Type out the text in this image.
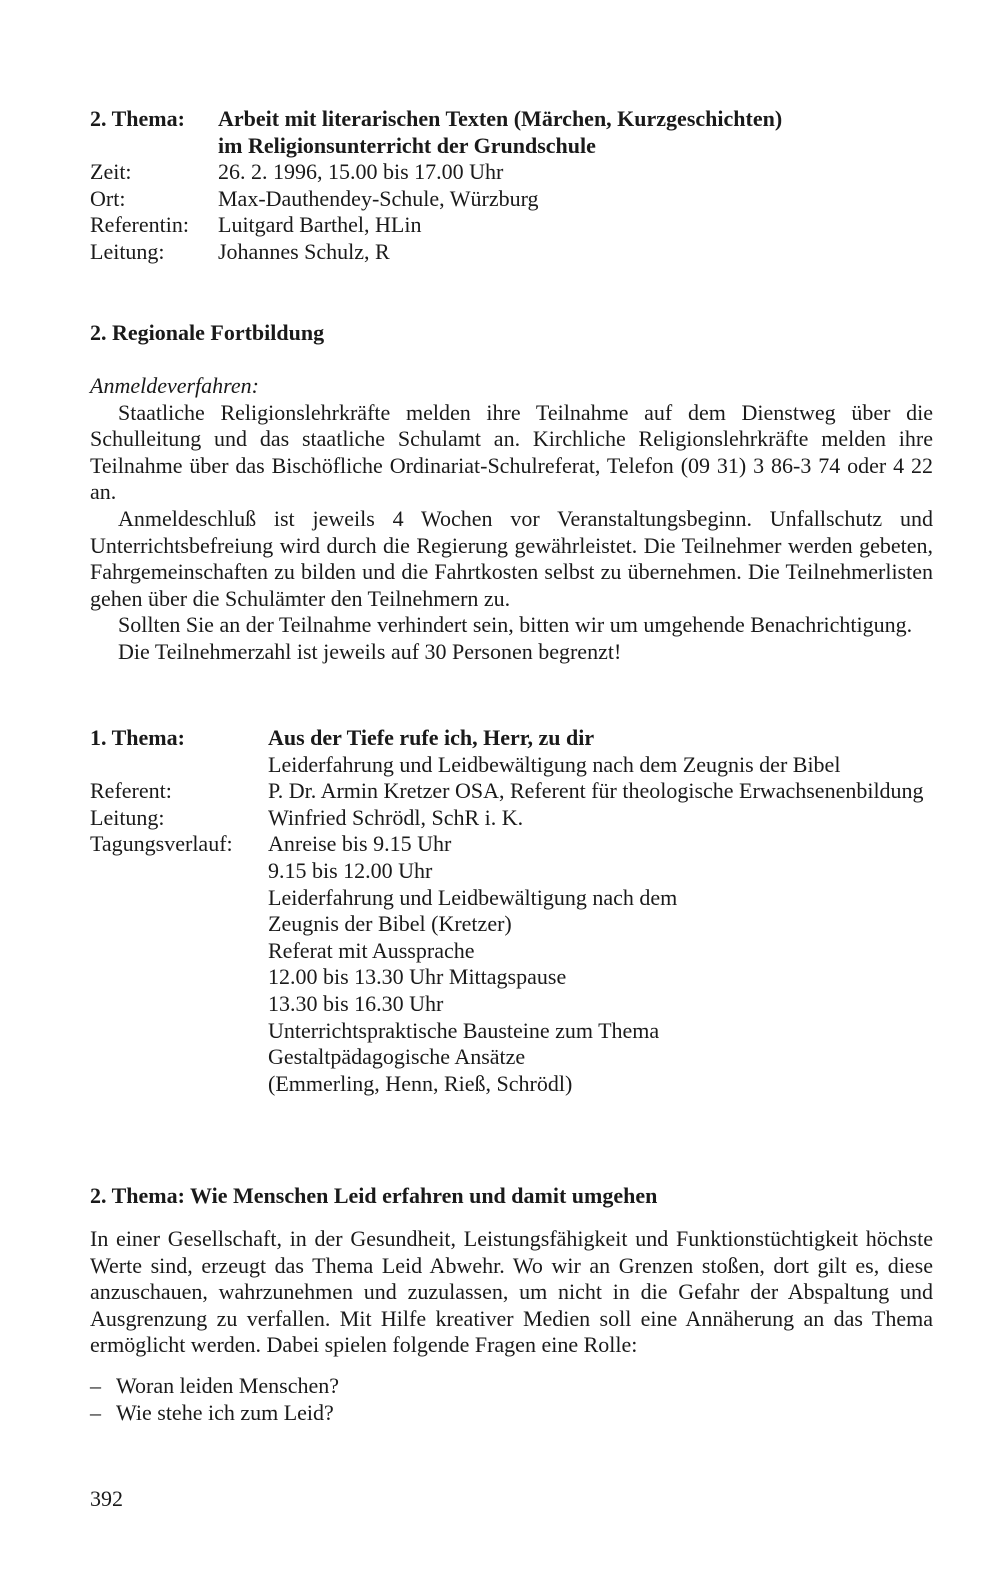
2. Thema:	Arbeit mit literarischen Texten (Märchen, Kurzgeschichten)
im Religionsunterricht der Grundschule
Zeit:	26. 2. 1996, 15.00 bis 17.00 Uhr
Ort:	Max-Dauthendey-Schule, Würzburg
Referentin:	Luitgard Barthel, HLin
Leitung:	Johannes Schulz, R
2. Regionale Fortbildung
Anmeldeverfahren:

Staatliche Religionslehrkräfte melden ihre Teilnahme auf dem Dienstweg über die Schulleitung und das staatliche Schulamt an. Kirchliche Religionslehrkräfte melden ihre Teilnahme über das Bischöfliche Ordinariat-Schulreferat, Telefon (09 31) 3 86-3 74 oder 4 22 an.

Anmeldeschluß ist jeweils 4 Wochen vor Veranstaltungsbeginn. Unfallschutz und Unterrichtsbefreiung wird durch die Regierung gewährleistet. Die Teilnehmer werden gebeten, Fahrgemeinschaften zu bilden und die Fahrtkosten selbst zu übernehmen. Die Teilnehmerlisten gehen über die Schulämter den Teilnehmern zu.

Sollten Sie an der Teilnahme verhindert sein, bitten wir um umgehende Benachrichtigung.

Die Teilnehmerzahl ist jeweils auf 30 Personen begrenzt!

1. Thema:	Aus der Tiefe rufe ich, Herr, zu dir
Leiderfahrung und Leidbewältigung nach dem Zeugnis der Bibel
Referent:	P. Dr. Armin Kretzer OSA, Referent für theologische Erwachsenenbildung
Leitung:	Winfried Schrödl, SchR i. K.
Tagungsverlauf:	Anreise bis 9.15 Uhr
9.15 bis 12.00 Uhr
Leiderfahrung und Leidbewältigung nach dem
Zeugnis der Bibel (Kretzer)
Referat mit Aussprache
12.00 bis 13.30 Uhr Mittagspause
13.30 bis 16.30 Uhr
Unterrichtspraktische Bausteine zum Thema
Gestaltpädagogische Ansätze
(Emmerling, Henn, Rieß, Schrödl)
2. Thema: Wie Menschen Leid erfahren und damit umgehen

In einer Gesellschaft, in der Gesundheit, Leistungsfähigkeit und Funktionstüchtigkeit höchste Werte sind, erzeugt das Thema Leid Abwehr. Wo wir an Grenzen stoßen, dort gilt es, diese anzuschauen, wahrzunehmen und zuzulassen, um nicht in die Gefahr der Abspaltung und Ausgrenzung zu verfallen. Mit Hilfe kreativer Medien soll eine Annäherung an das Thema ermöglicht werden. Dabei spielen folgende Fragen eine Rolle:

– Woran leiden Menschen?
– Wie stehe ich zum Leid?
392
